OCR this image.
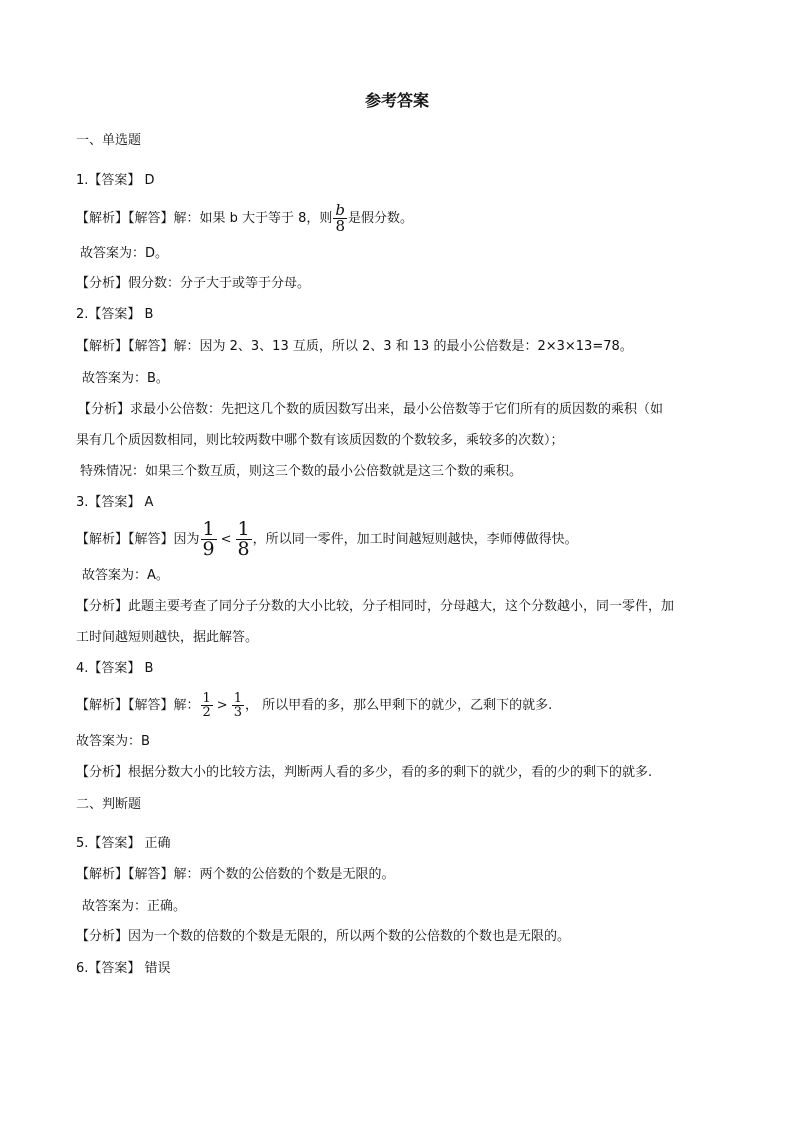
参考答案
一、单选题
1.【答案】 D
【解析】【解答】解：如果 b 大于等于 8，则 $\frac{b}{8}$ 是假分数。
故答案为：D。
【分析】假分数：分子大于或等于分母。
2.【答案】 B
【解析】【解答】解：因为 2、3、13 互质，所以 2、3 和 13 的最小公倍数是：2×3×13=78。
故答案为：B。
【分析】求最小公倍数：先把这几个数的质因数写出来，最小公倍数等于它们所有的质因数的乘积（如
果有几个质因数相同，则比较两数中哪个数有该质因数的个数较多，乘较多的次数）；
特殊情况：如果三个数互质，则这三个数的最小公倍数就是这三个数的乘积。
3.【答案】 A
【解析】【解答】因为 $\frac{1}{9} < \frac{1}{8}$ ，所以同一零件，加工时间越短则越快，李师傅做得快。
故答案为：A。
【分析】此题主要考查了同分子分数的大小比较，分子相同时，分母越大，这个分数越小，同一零件，加
工时间越短则越快，据此解答。
4.【答案】 B
【解析】【解答】解： $\frac{1}{2} > \frac{1}{3}$ ， 所以甲看的多，那么甲剩下的就少，乙剩下的就多.
故答案为：B
【分析】根据分数大小的比较方法，判断两人看的多少，看的多的剩下的就少，看的少的剩下的就多.
二、判断题
5.【答案】 正确
【解析】【解答】解：两个数的公倍数的个数是无限的。
故答案为：正确。
【分析】因为一个数的倍数的个数是无限的，所以两个数的公倍数的个数也是无限的。
6.【答案】 错误
